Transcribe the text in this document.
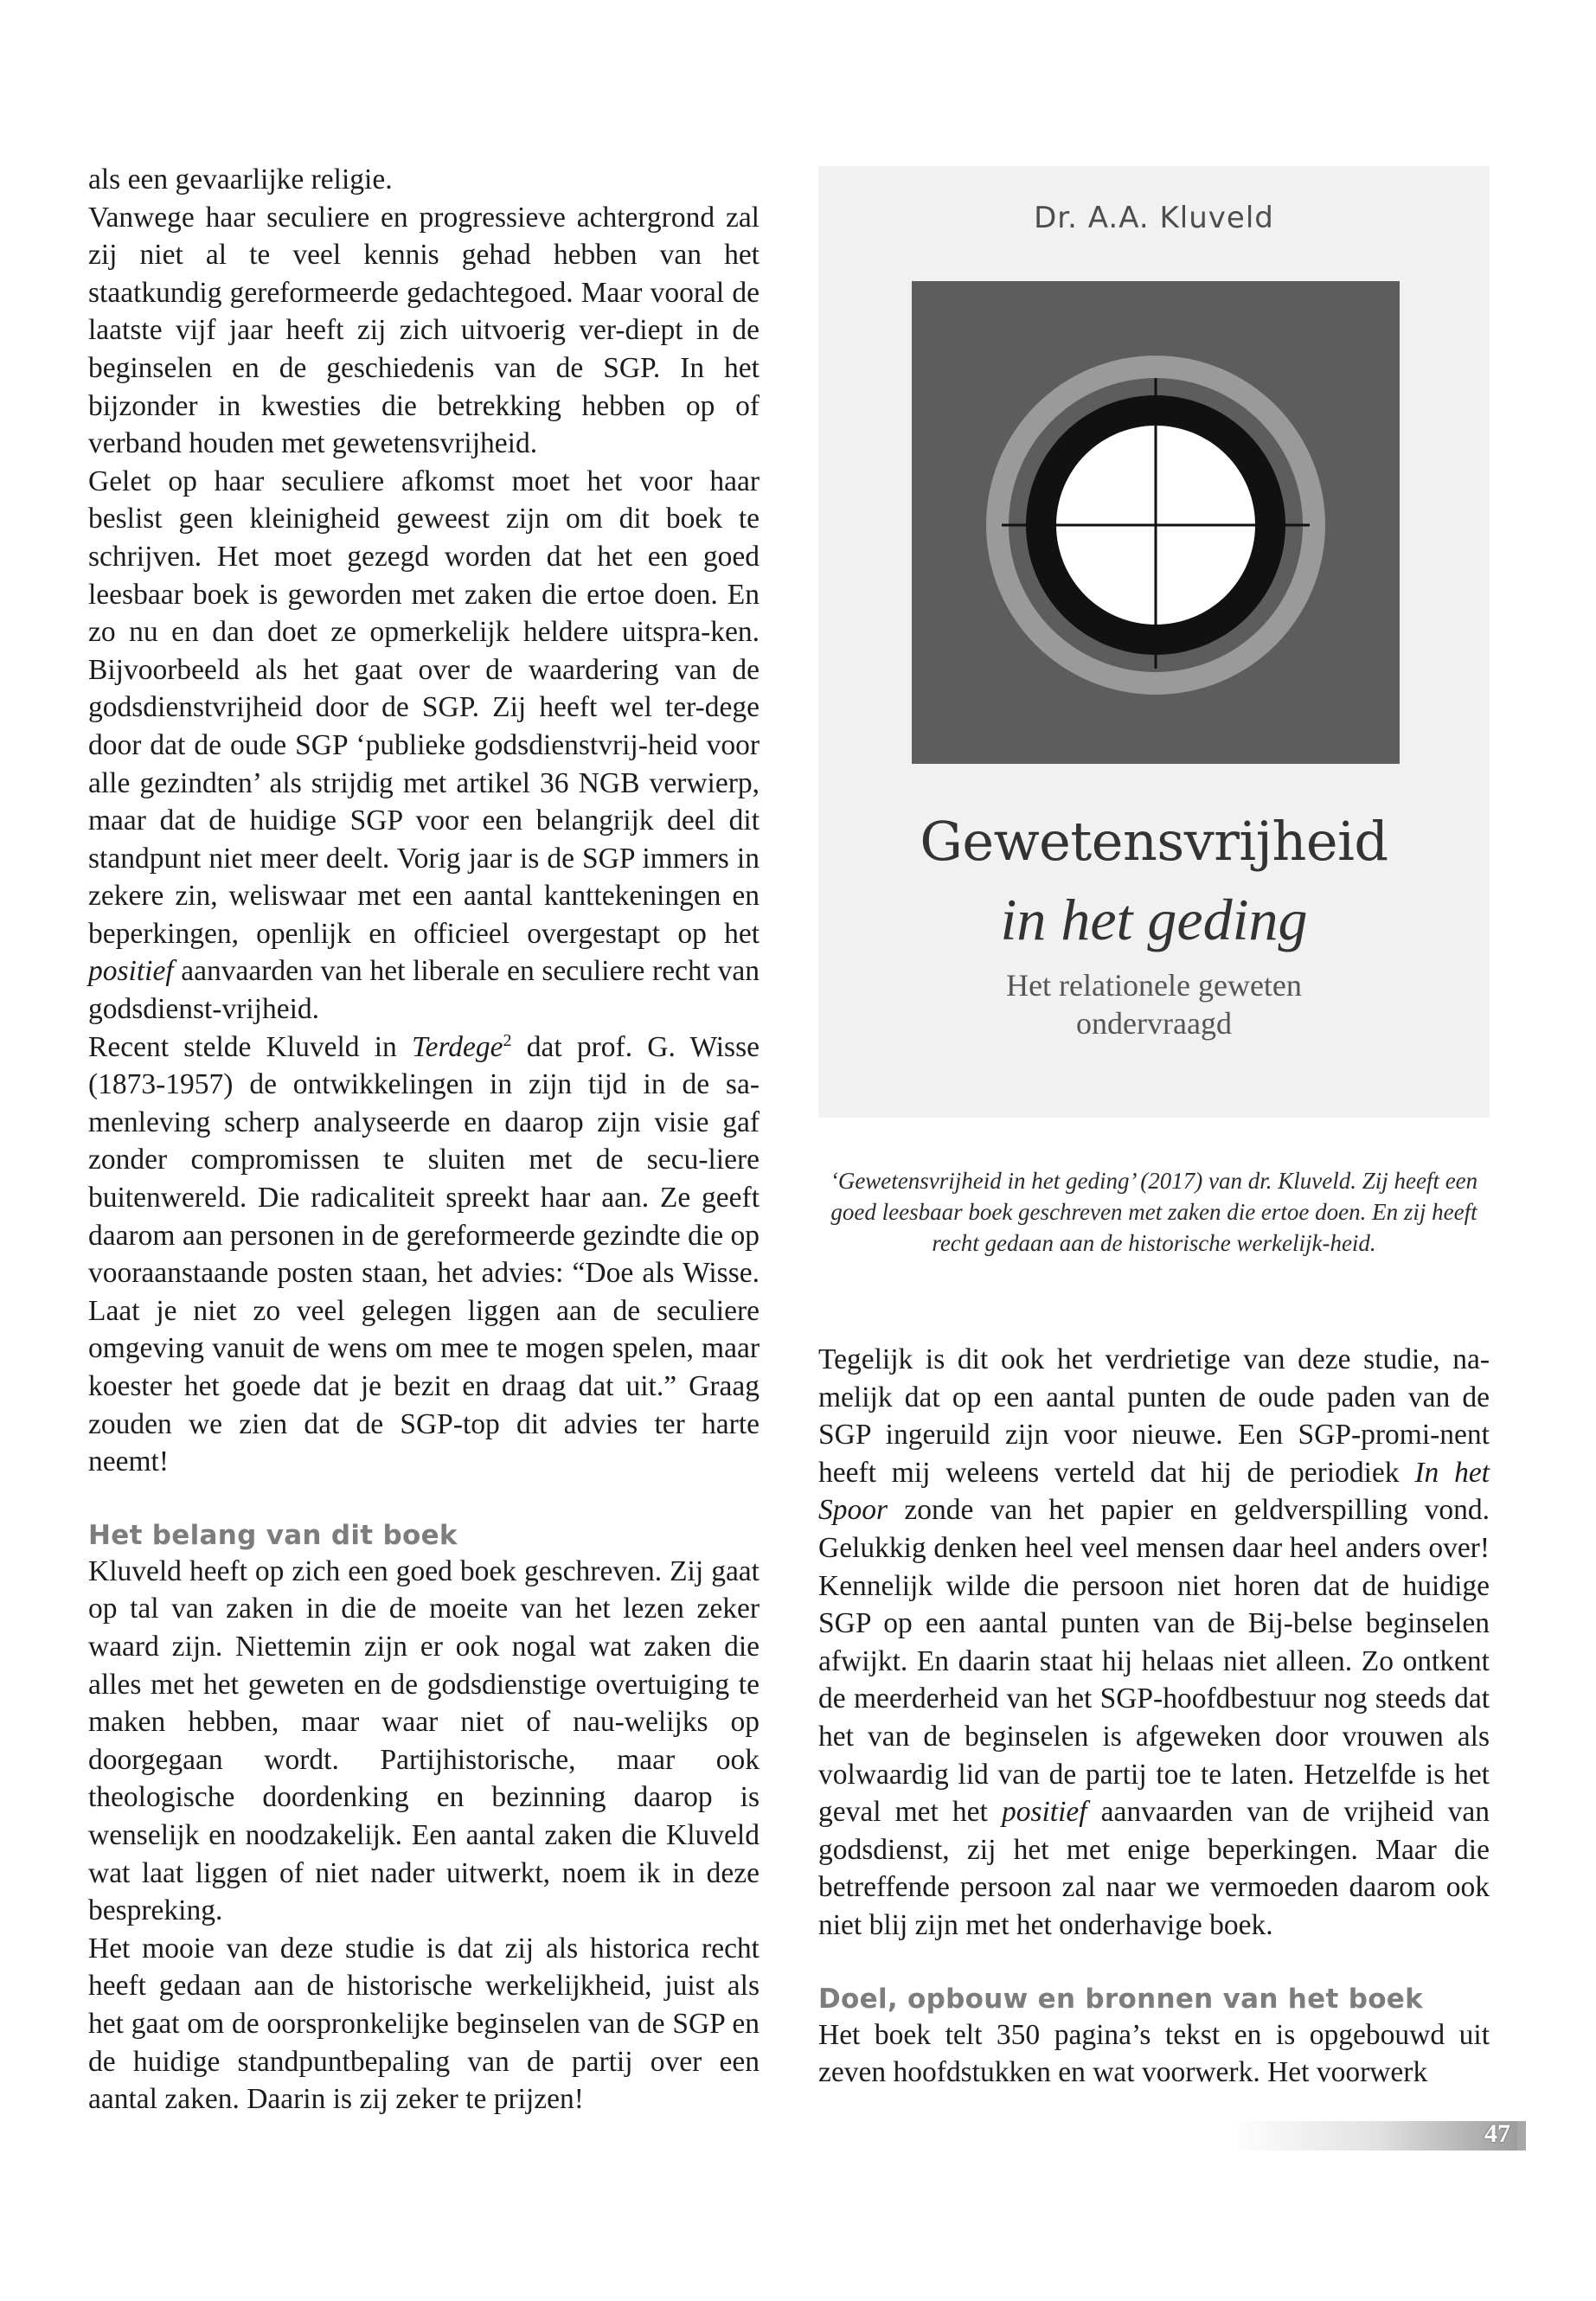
als een gevaarlijke religie.

Vanwege haar seculiere en progressieve achtergrond zal zij niet al te veel kennis gehad hebben van het staatkundig gereformeerde gedachtegoed. Maar vooral de laatste vijf jaar heeft zij zich uitvoerig ver-diept in de beginselen en de geschiedenis van de SGP. In het bijzonder in kwesties die betrekking hebben op of verband houden met gewetensvrijheid.

Gelet op haar seculiere afkomst moet het voor haar beslist geen kleinigheid geweest zijn om dit boek te schrijven. Het moet gezegd worden dat het een goed leesbaar boek is geworden met zaken die ertoe doen. En zo nu en dan doet ze opmerkelijk heldere uitspra-ken. Bijvoorbeeld als het gaat over de waardering van de godsdienstvrijheid door de SGP. Zij heeft wel ter-dege door dat de oude SGP ‘publieke godsdienstvrij-heid voor alle gezindten’ als strijdig met artikel 36 NGB verwierp, maar dat de huidige SGP voor een belangrijk deel dit standpunt niet meer deelt. Vorig jaar is de SGP immers in zekere zin, weliswaar met een aantal kanttekeningen en beperkingen, openlijk en officieel overgestapt op het positief aanvaarden van het liberale en seculiere recht van godsdienst-vrijheid.

Recent stelde Kluveld in Terdege$^2$ dat prof. G. Wisse (1873-1957) de ontwikkelingen in zijn tijd in de sa-menleving scherp analyseerde en daarop zijn visie gaf zonder compromissen te sluiten met de secu-liere buitenwereld. Die radicaliteit spreekt haar aan. Ze geeft daarom aan personen in de gereformeerde gezindte die op vooraanstaande posten staan, het advies: “Doe als Wisse. Laat je niet zo veel gelegen liggen aan de seculiere omgeving vanuit de wens om mee te mogen spelen, maar koester het goede dat je bezit en draag dat uit.” Graag zouden we zien dat de SGP-top dit advies ter harte neemt!

Het belang van dit boek

Kluveld heeft op zich een goed boek geschreven. Zij gaat op tal van zaken in die de moeite van het lezen zeker waard zijn. Niettemin zijn er ook nogal wat zaken die alles met het geweten en de godsdienstige overtuiging te maken hebben, maar waar niet of nau-welijks op doorgegaan wordt. Partijhistorische, maar ook theologische doordenking en bezinning daarop is wenselijk en noodzakelijk. Een aantal zaken die Kluveld wat laat liggen of niet nader uitwerkt, noem ik in deze bespreking.

Het mooie van deze studie is dat zij als historica recht heeft gedaan aan de historische werkelijkheid, juist als het gaat om de oorspronkelijke beginselen van de SGP en de huidige standpuntbepaling van de partij over een aantal zaken. Daarin is zij zeker te prijzen!

Dr. A.A. Kluveld
Gewetensvrijheid
in het geding
Het relationele geweten
ondervraagd
‘Gewetensvrijheid in het geding’ (2017) van dr. Kluveld. Zij heeft een goed leesbaar boek geschreven met zaken die ertoe doen. En zij heeft recht gedaan aan de historische werkelijk-heid.

Tegelijk is dit ook het verdrietige van deze studie, na-melijk dat op een aantal punten de oude paden van de SGP ingeruild zijn voor nieuwe. Een SGP-promi-nent heeft mij weleens verteld dat hij de periodiek In het Spoor zonde van het papier en geldverspilling vond. Gelukkig denken heel veel mensen daar heel anders over! Kennelijk wilde die persoon niet horen dat de huidige SGP op een aantal punten van de Bij-belse beginselen afwijkt. En daarin staat hij helaas niet alleen. Zo ontkent de meerderheid van het SGP-hoofdbestuur nog steeds dat het van de beginselen is afgeweken door vrouwen als volwaardig lid van de partij toe te laten. Hetzelfde is het geval met het positief aanvaarden van de vrijheid van godsdienst, zij het met enige beperkingen. Maar die betreffende persoon zal naar we vermoeden daarom ook niet blij zijn met het onderhavige boek.

Doel, opbouw en bronnen van het boek

Het boek telt 350 pagina’s tekst en is opgebouwd uit zeven hoofdstukken en wat voorwerk. Het voorwerk

47
